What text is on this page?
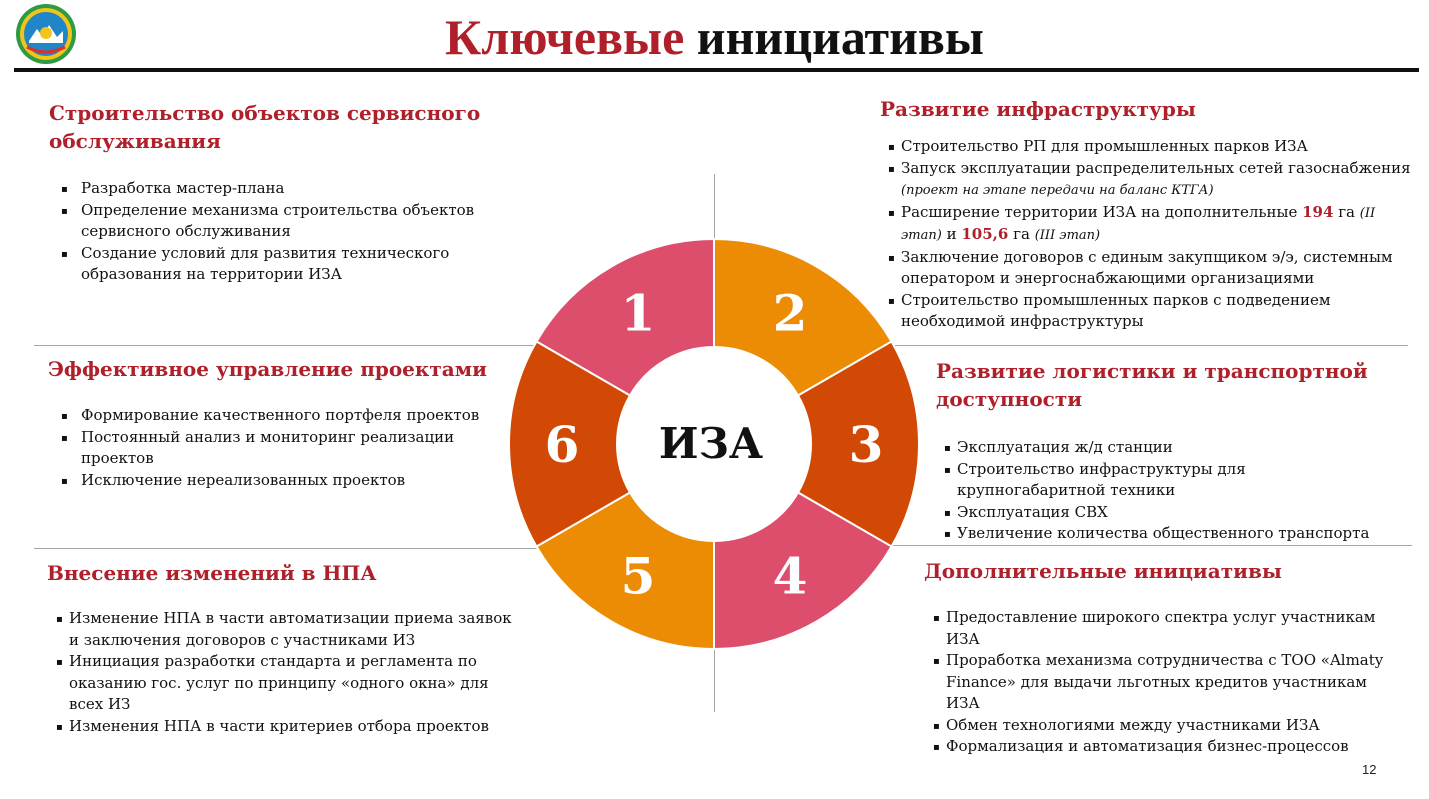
Ключевые инициативы
1 2
3
4
5
6 ИЗА
Строительство объектов сервисного обслуживания
▪ Разработка мастер-плана
▪ Определение механизма строительства объектов сервисного обслуживания
▪ Создание условий для развития технического образования на территории ИЗА
Развитие инфраструктуры
▪ Строительство РП для промышленных парков ИЗА
▪ Запуск эксплуатации распределительных сетей газоснабжения (проект на этапе передачи на баланс КТГА)
▪ Расширение территории ИЗА на дополнительные 194 га (II этап) и 105,6 га (III этап)
▪ Заключение договоров с единым закупщиком э/э, системным оператором и энергоснабжающими организациями
▪ Строительство промышленных парков с подведением необходимой инфраструктуры
Эффективное управление проектами
▪ Формирование качественного портфеля проектов
▪ Постоянный анализ и мониторинг реализации проектов
▪ Исключение нереализованных проектов
Развитие логистики и транспортной доступности
▪ Эксплуатация ж/д станции
▪ Строительство инфраструктуры для крупногабаритной техники
▪ Эксплуатация СВХ
▪ Увеличение количества общественного транспорта
Внесение изменений в НПА
▪ Изменение НПА в части автоматизации приема заявок и заключения договоров с участниками ИЗ
▪ Инициация разработки стандарта и регламента по оказанию гос. услуг по принципу «одного окна» для всех ИЗ
▪ Изменения НПА в части критериев отбора проектов
Дополнительные инициативы
▪ Предоставление широкого спектра услуг участникам ИЗА
▪ Проработка механизма сотрудничества с ТОО «Almaty Finance» для выдачи льготных кредитов участникам ИЗА
▪ Обмен технологиями между участниками ИЗА
▪ Формализация и автоматизация бизнес-процессов
12
